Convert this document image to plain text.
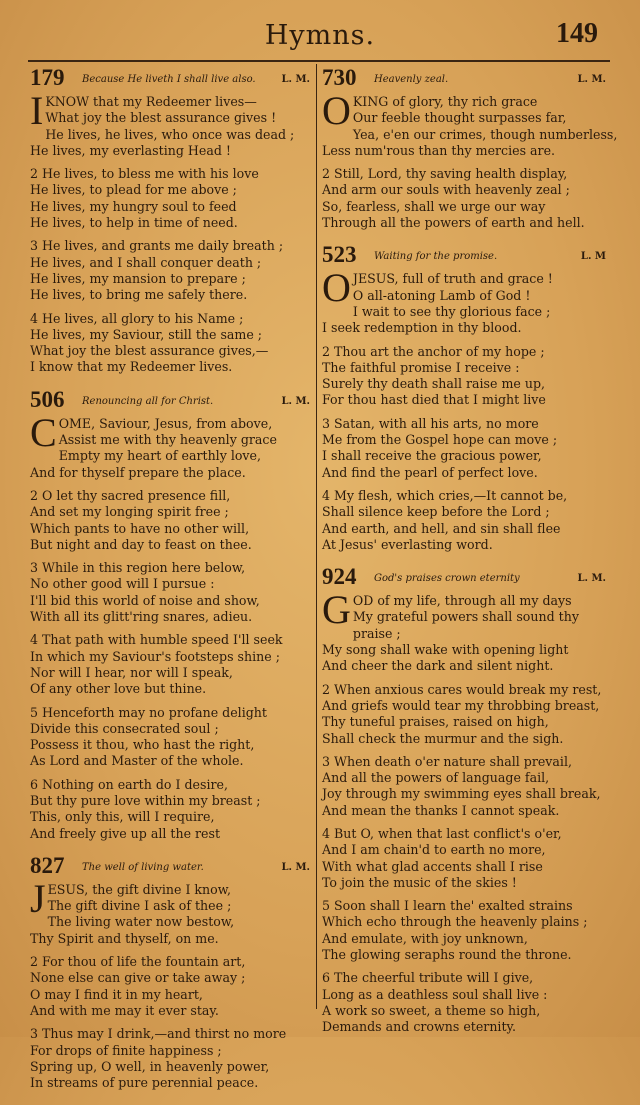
Hymns.	149
179 Because He liveth I shall live also.	L. M.
I KNOW that my Redeemer lives—
What joy the blest assurance gives !
He lives, he lives, who once was dead ;
He lives, my everlasting Head !
2 He lives, to bless me with his love
He lives, to plead for me above ;
He lives, my hungry soul to feed
He lives, to help in time of need.
3 He lives, and grants me daily breath ;
He lives, and I shall conquer death ;
He lives, my mansion to prepare ;
He lives, to bring me safely there.
4 He lives, all glory to his Name ;
He lives, my Saviour, still the same ;
What joy the blest assurance gives,—
I know that my Redeemer lives.
506 Renouncing all for Christ.	L. M.
C OME, Saviour, Jesus, from above,
Assist me with thy heavenly grace
Empty my heart of earthly love,
And for thyself prepare the place.
2 O let thy sacred presence fill,
And set my longing spirit free ;
Which pants to have no other will,
But night and day to feast on thee.
3 While in this region here below,
No other good will I pursue :
I'll bid this world of noise and show,
With all its glitt'ring snares, adieu.
4 That path with humble speed I'll seek
In which my Saviour's footsteps shine ;
Nor will I hear, nor will I speak,
Of any other love but thine.
5 Henceforth may no profane delight
Divide this consecrated soul ;
Possess it thou, who hast the right,
As Lord and Master of the whole.
6 Nothing on earth do I desire,
But thy pure love within my breast ;
This, only this, will I require,
And freely give up all the rest
827 The well of living water.	L. M.
J ESUS, the gift divine I know,
The gift divine I ask of thee ;
The living water now bestow,
Thy Spirit and thyself, on me.
2 For thou of life the fountain art,
None else can give or take away ;
O may I find it in my heart,
And with me may it ever stay.
3 Thus may I drink,—and thirst no more
For drops of finite happiness ;
Spring up, O well, in heavenly power,
In streams of pure perennial peace.
730 Heavenly zeal.	L. M.
O KING of glory, thy rich grace
Our feeble thought surpasses far,
Yea, e'en our crimes, though numberless,
Less num'rous than thy mercies are.
2 Still, Lord, thy saving health display,
And arm our souls with heavenly zeal ;
So, fearless, shall we urge our way
Through all the powers of earth and hell.
523 Waiting for the promise.	L. M
O JESUS, full of truth and grace !
O all-atoning Lamb of God !
I wait to see thy glorious face ;
I seek redemption in thy blood.
2 Thou art the anchor of my hope ;
The faithful promise I receive :
Surely thy death shall raise me up,
For thou hast died that I might live
3 Satan, with all his arts, no more
Me from the Gospel hope can move ;
I shall receive the gracious power,
And find the pearl of perfect love.
4 My flesh, which cries,—It cannot be,
Shall silence keep before the Lord ;
And earth, and hell, and sin shall flee
At Jesus' everlasting word.
924 God's praises crown eternity	L. M.
G OD of my life, through all my days
My grateful powers shall sound thy
praise ;
My song shall wake with opening light
And cheer the dark and silent night.
2 When anxious cares would break my rest,
And griefs would tear my throbbing breast,
Thy tuneful praises, raised on high,
Shall check the murmur and the sigh.
3 When death o'er nature shall prevail,
And all the powers of language fail,
Joy through my swimming eyes shall break,
And mean the thanks I cannot speak.
4 But O, when that last conflict's o'er,
And I am chain'd to earth no more,
With what glad accents shall I rise
To join the music of the skies !
5 Soon shall I learn the' exalted strains
Which echo through the heavenly plains ;
And emulate, with joy unknown,
The glowing seraphs round the throne.
6 The cheerful tribute will I give,
Long as a deathless soul shall live :
A work so sweet, a theme so high,
Demands and crowns eternity.
